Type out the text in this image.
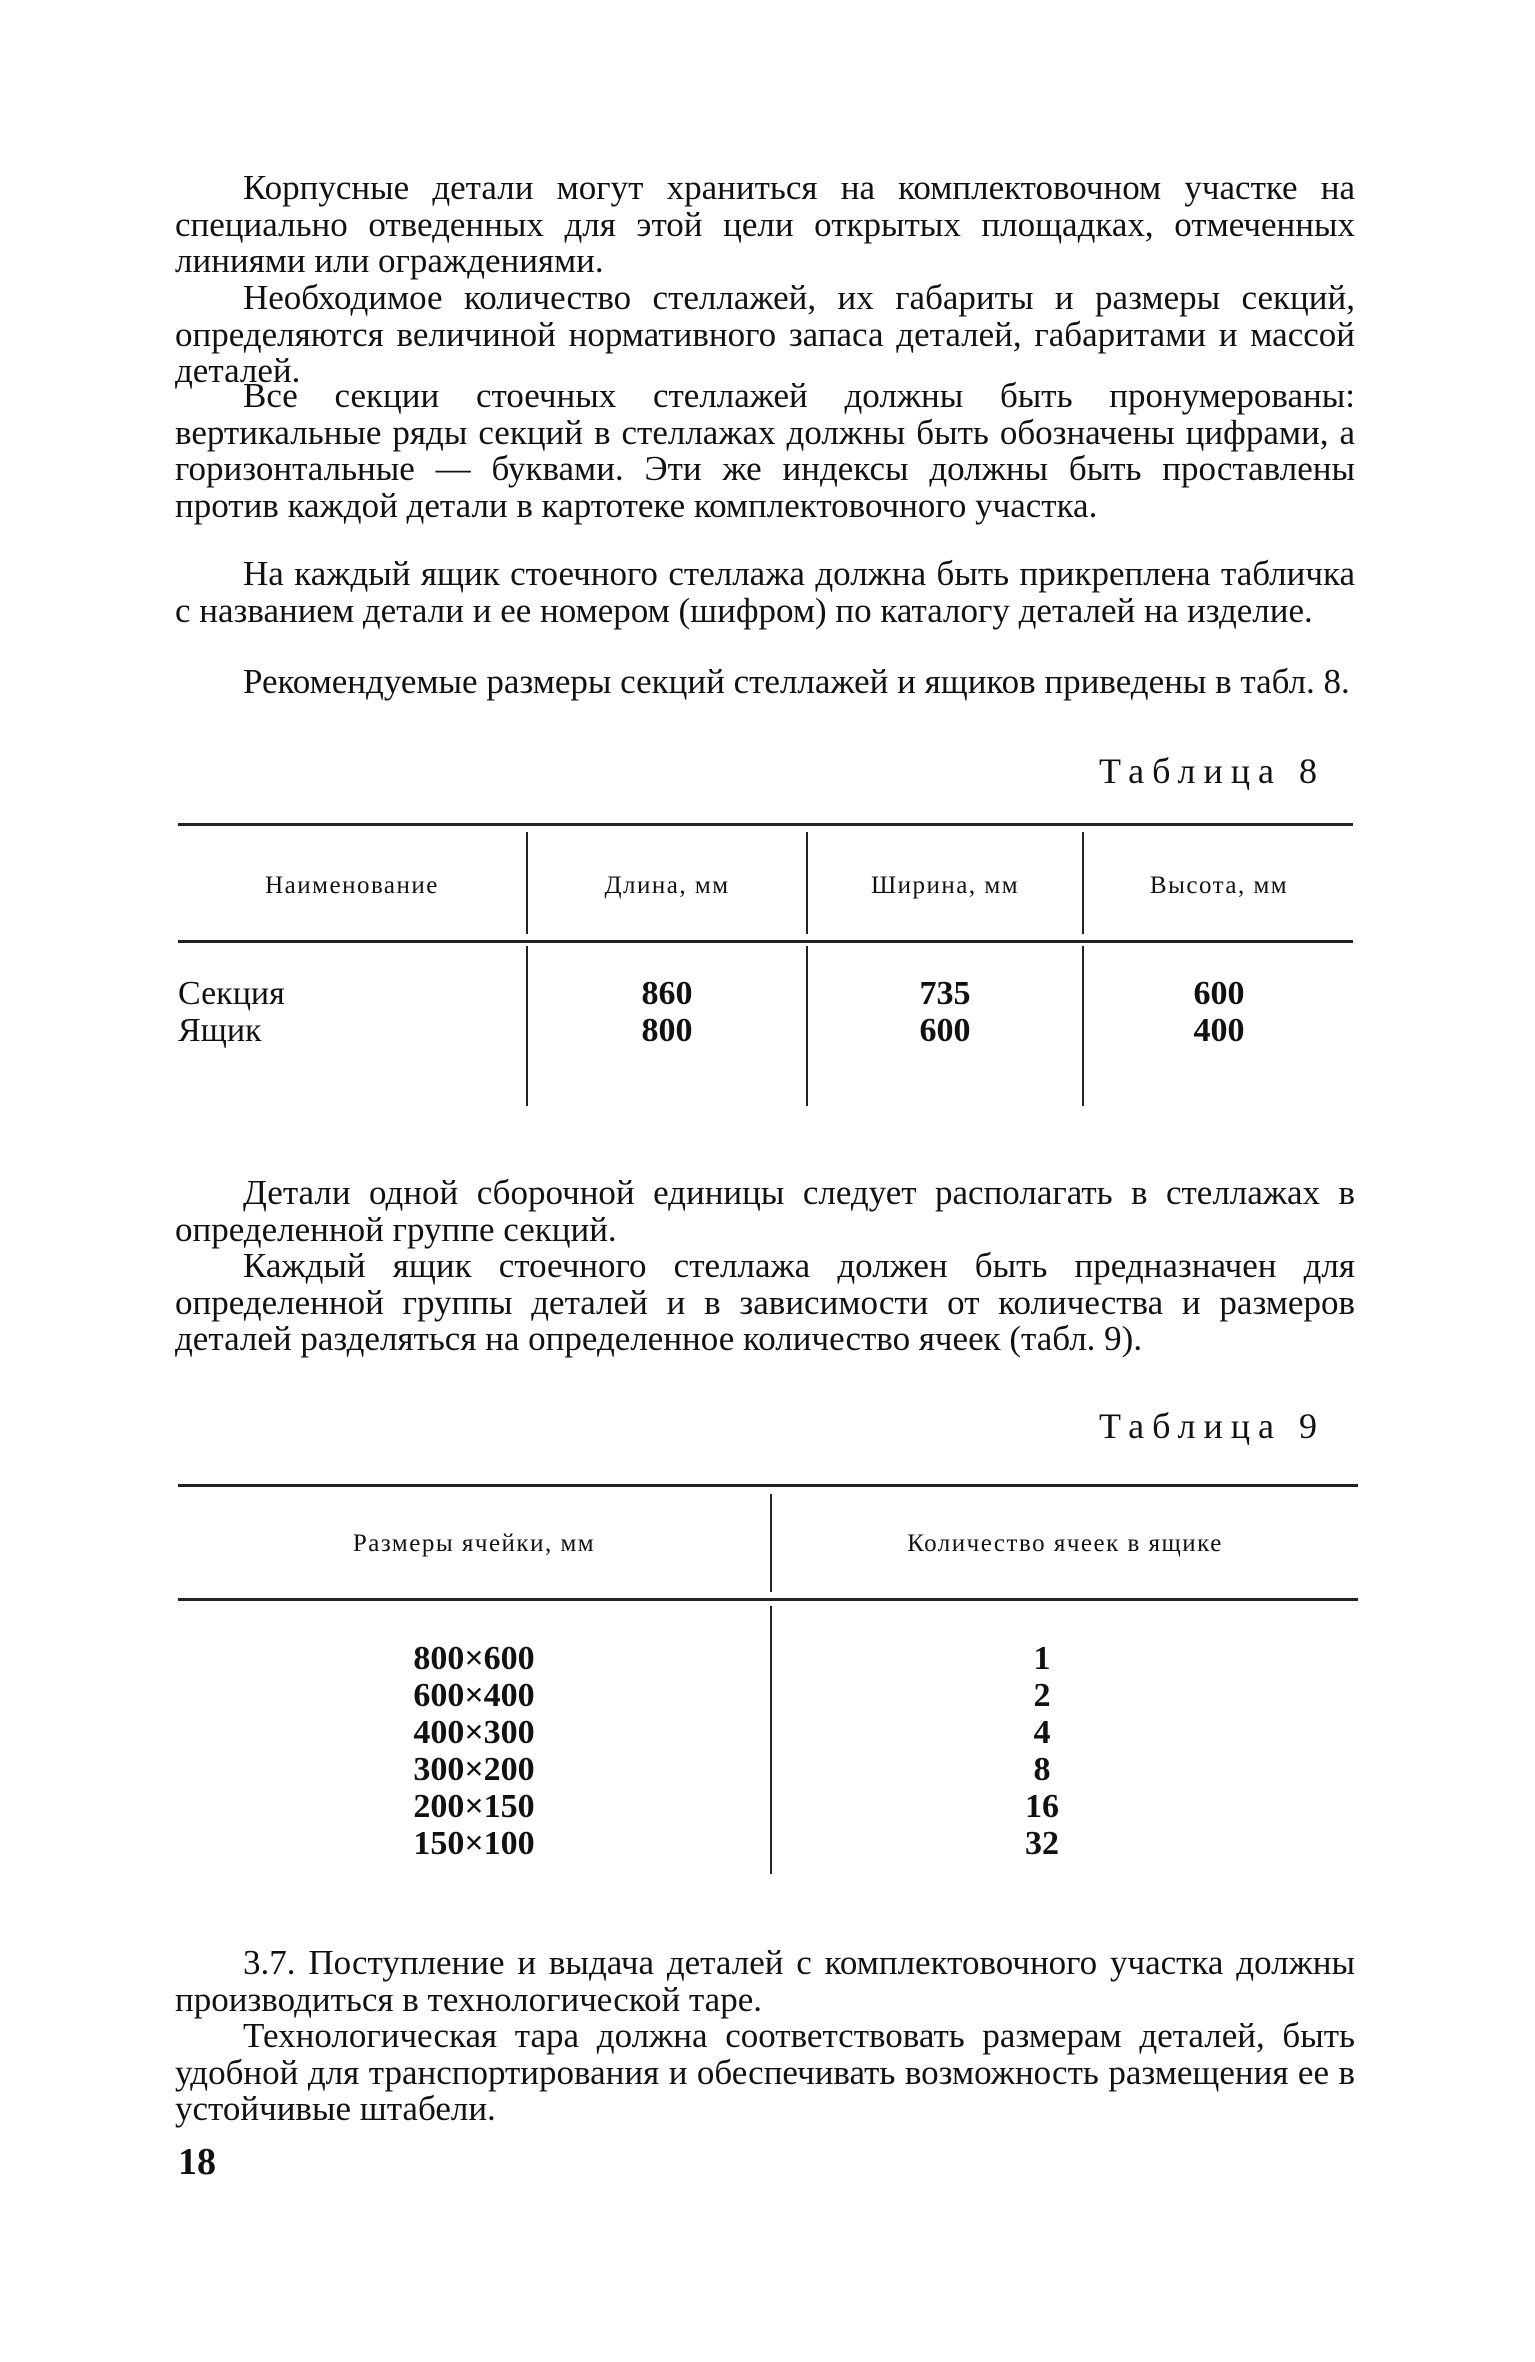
Корпусные детали могут храниться на комплектовочном участке на специально отведенных для этой цели открытых площадках, отмеченных линиями или ограждениями.

Необходимое количество стеллажей, их габариты и размеры секций, определяются величиной нормативного запаса деталей, габаритами и массой деталей.

Все секции стоечных стеллажей должны быть пронумерованы: вертикальные ряды секций в стеллажах должны быть обозначены цифрами, а горизонтальные — буквами. Эти же индексы должны быть проставлены против каждой детали в картотеке комплектовочного участка.

На каждый ящик стоечного стеллажа должна быть прикреплена табличка с названием детали и ее номером (шифром) по каталогу деталей на изделие.

Рекомендуемые размеры секций стеллажей и ящиков приведены в табл. 8.

Таблица 8

Наименование	Длина, мм	Ширина, мм	Высота, мм
Секция	860	735	600
Ящик	800	600	400

Детали одной сборочной единицы следует располагать в стеллажах в определенной группе секций.

Каждый ящик стоечного стеллажа должен быть предназначен для определенной группы деталей и в зависимости от количества и размеров деталей разделяться на определенное количество ячеек (табл. 9).

Таблица 9

Размеры ячейки, мм	Количество ячеек в ящике
800×600	1
600×400	2
400×300	4
300×200	8
200×150	16
150×100	32

3.7. Поступление и выдача деталей с комплектовочного участка должны производиться в технологической таре.

Технологическая тара должна соответствовать размерам деталей, быть удобной для транспортирования и обеспечивать возможность размещения ее в устойчивые штабели.

18
